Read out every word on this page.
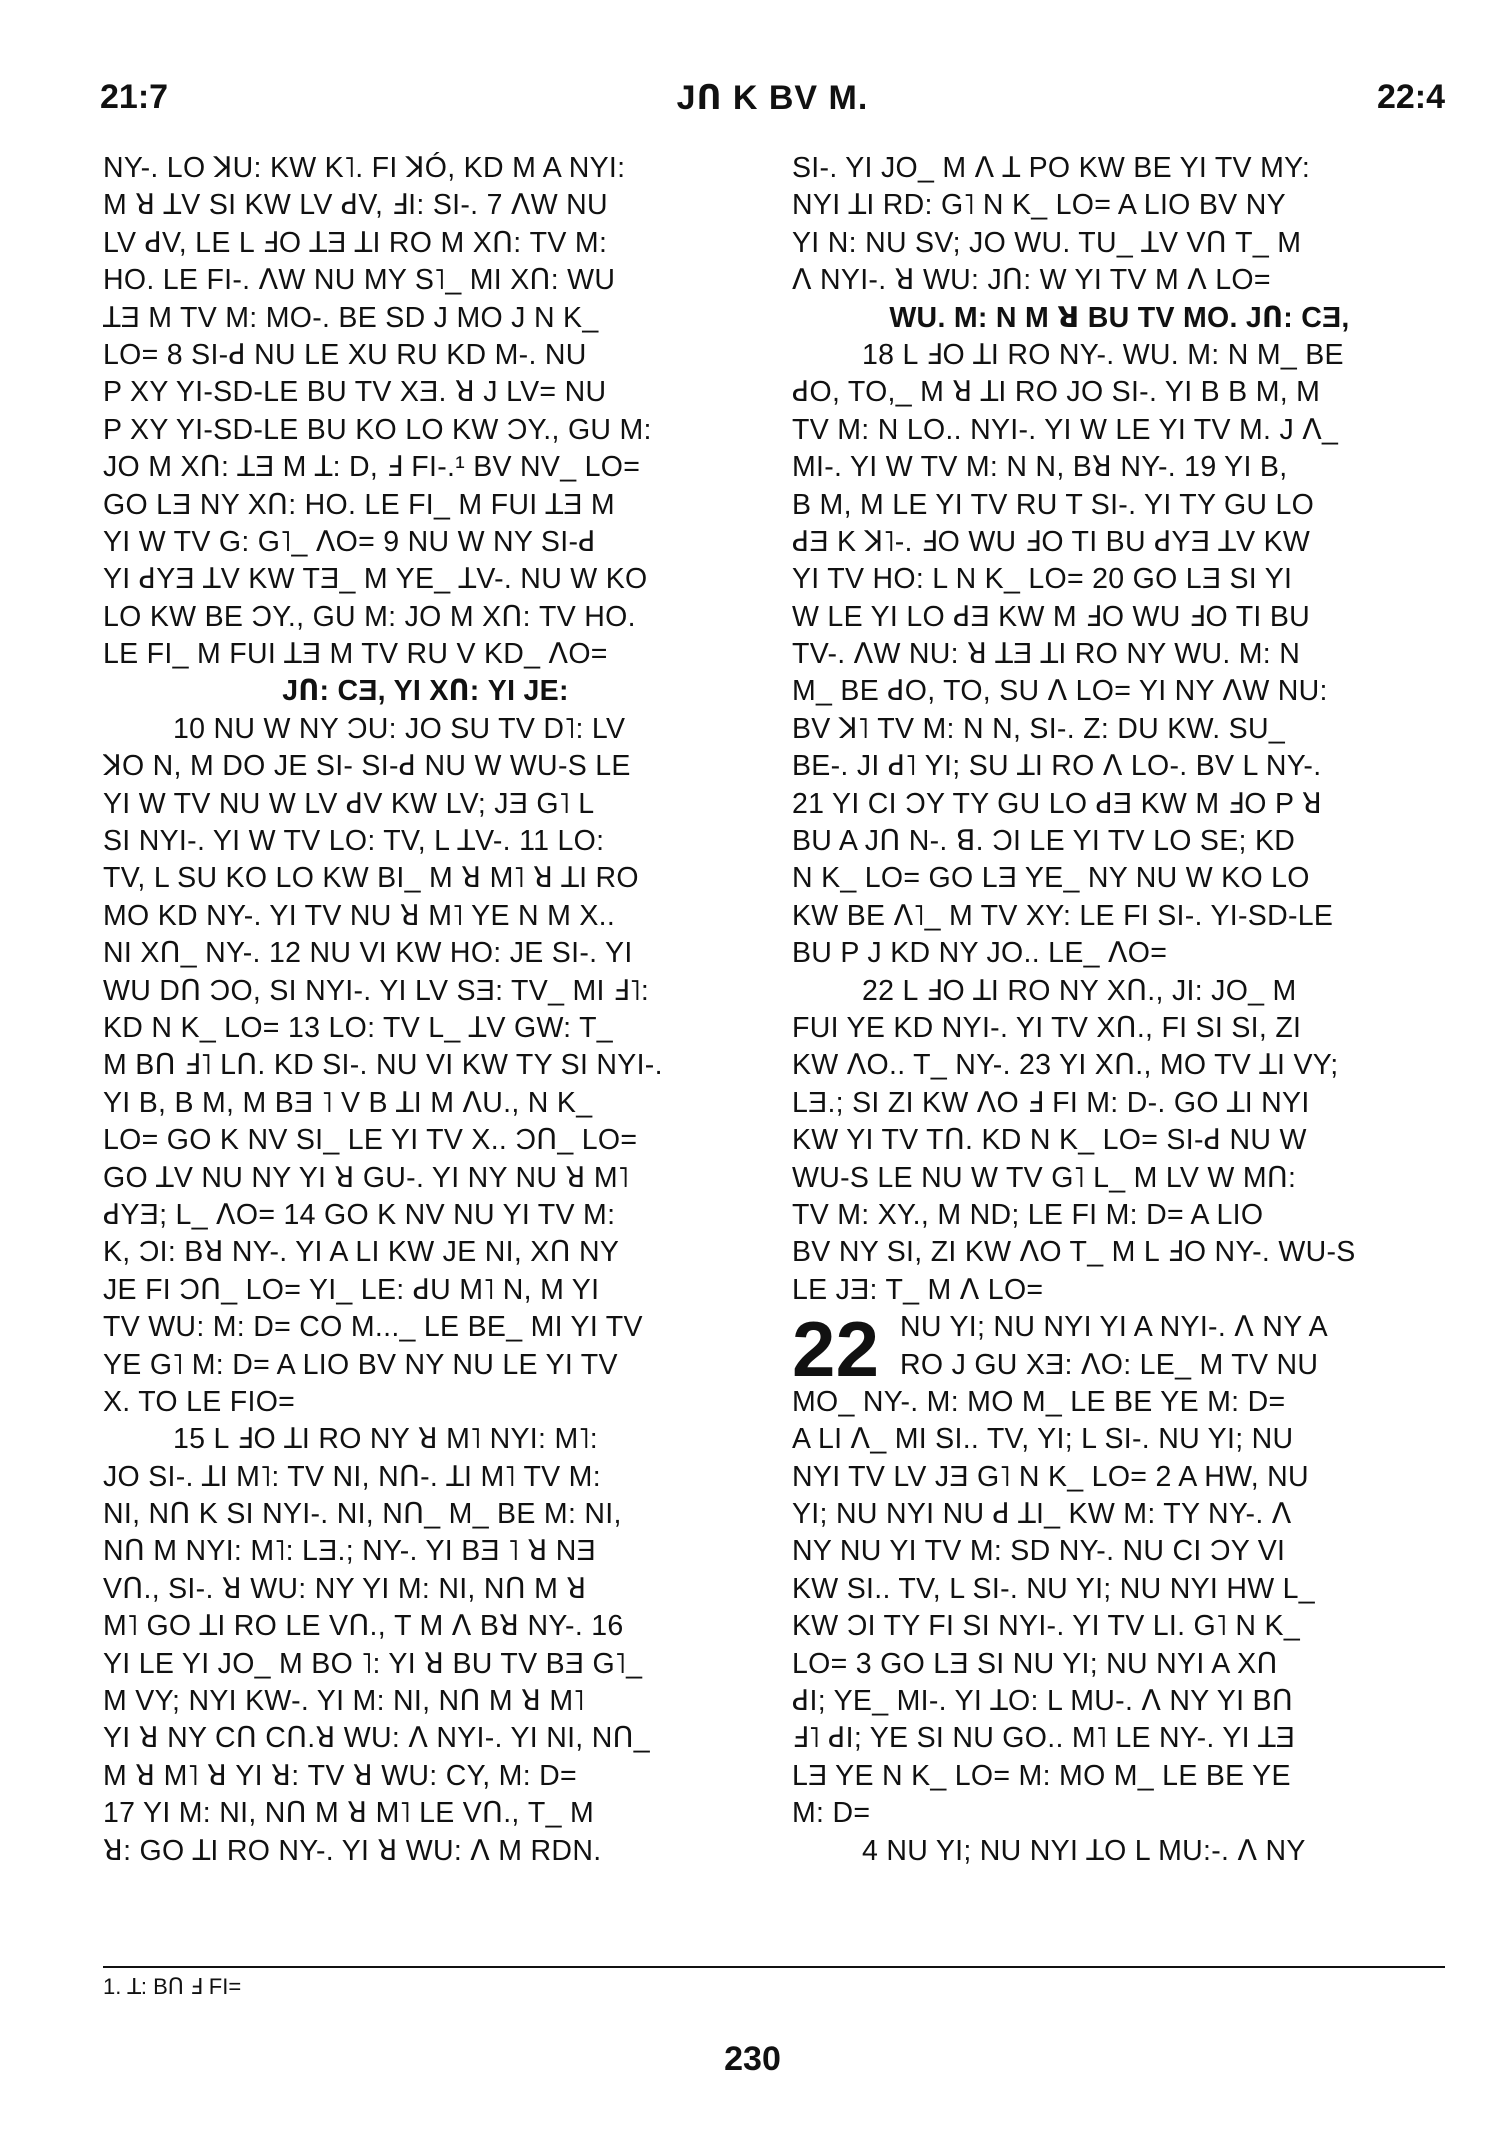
21:7	JՈ K BV M.	22:4
NY-. LO ꓘU: KW K˥. FI ꓘÓ, KD M A NYI:
M ꓤ ꓕV SI KW LV ꓒV, ꓞI: SI-. 7 ꓥW NU
LV ꓒV, LE L ꓞO ꓕƎ ꓕI RO M XՈ: TV M:
HO. LE FI-. ꓥW NU MY S˥_ MI XՈ: WU
ꓕƎ M TV M: MO-. BE SD J MO J N K_
LO= 8 SI-ꓒ NU LE XU RU KD M-. NU
P XY YI-SD-LE BU TV XƎ. ꓤ J LV= NU
P XY YI-SD-LE BU KO LO KW ƆY., GU M:
JO M XՈ: ꓕƎ M ꓕ: D, ꓞ FI-.¹ BV NV_ LO=
GO LƎ NY XՈ: HO. LE FI_ M FUI ꓕƎ M
YI W TV G: G˥_ ꓥO= 9 NU W NY SI-ꓒ
YI ꓒYƎ ꓕV KW TƎ_ M YE_ ꓕV-. NU W KO
LO KW BE ƆY., GU M: JO M XՈ: TV HO.
LE FI_ M FUI ꓕƎ M TV RU V KD_ ꓥO=
JՈ: CƎ, YI XՈ: YI JE:
10 NU W NY ƆU: JO SU TV D˥: LV
ꓘO N, M DO JE SI- SI-ꓒ NU W WU-S LE
YI W TV NU W LV ꓒV KW LV; JƎ G˥ L
SI NYI-. YI W TV LO: TV, L ꓕV-. 11 LO:
TV, L SU KO LO KW BI_ M ꓤ M˥ ꓤ ꓕI RO
MO KD NY-. YI TV NU ꓤ M˥ YE N M X..
NI XՈ_ NY-. 12 NU VI KW HO: JE SI-. YI
WU DՈ ƆO, SI NYI-. YI LV SƎ: TV_ MI ꓞ˥:
KD N K_ LO= 13 LO: TV L_ ꓕV GW: T_
M BՈ ꓞ˥ LՈ. KD SI-. NU VI KW TY SI NYI-.
YI B, B M, M BƎ ˥ V B ꓕI M ꓥU., N K_
LO= GO K NV SI_ LE YI TV X.. ƆՈ_ LO=
GO ꓕV NU NY YI ꓤ GU-. YI NY NU ꓤ M˥
ꓒYƎ; L_ ꓥO= 14 GO K NV NU YI TV M:
K, ƆI: Bꓤ NY-. YI A LI KW JE NI, XՈ NY
JE FI ƆՈ_ LO= YI_ LE: ꓒU M˥ N, M YI
TV WU: M: D= CO M..._ LE BE_ MI YI TV
YE G˥ M: D= A LIO BV NY NU LE YI TV
X. TO LE FIO=
15 L ꓞO ꓕI RO NY ꓤ M˥ NYI: M˥:
JO SI-. ꓕI M˥: TV NI, NՈ-. ꓕI M˥ TV M:
NI, NՈ K SI NYI-. NI, NՈ_ M_ BE M: NI,
NՈ M NYI: M˥: LƎ.; NY-. YI BƎ ˥ ꓤ NƎ
VՈ., SI-. ꓤ WU: NY YI M: NI, NՈ M ꓤ
M˥ GO ꓕI RO LE VՈ., T M ꓥ Bꓤ NY-. 16
YI LE YI JO_ M BO ˥: YI ꓤ BU TV BƎ G˥_
M VY; NYI KW-. YI M: NI, NՈ M ꓤ M˥
YI ꓤ NY CՈ CՈ.ꓤ WU: ꓥ NYI-. YI NI, NՈ_
M ꓤ M˥ ꓤ YI ꓤ: TV ꓤ WU: CY, M: D=
17 YI M: NI, NՈ M ꓤ M˥ LE VՈ., T_ M
ꓤ: GO ꓕI RO NY-. YI ꓤ WU: ꓥ M RDN.
SI-. YI JO_ M ꓥ ꓕ PO KW BE YI TV MY:
NYI ꓕI RD: G˥ N K_ LO= A LIO BV NY
YI N: NU SV; JO WU. TU_ ꓕV VՈ T_ M
ꓥ NYI-. ꓤ WU: JՈ: W YI TV M ꓥ LO=
WU. M: N M ꓤ BU TV MO. JՈ: CƎ,
18 L ꓞO ꓕI RO NY-. WU. M: N M_ BE
ꓒO, TO,_ M ꓤ ꓕI RO JO SI-. YI B B M, M
TV M: N LO.. NYI-. YI W LE YI TV M. J ꓥ_
MI-. YI W TV M: N N, Bꓤ NY-. 19 YI B,
B M, M LE YI TV RU T SI-. YI TY GU LO
ꓒƎ K ꓘ˥-. ꓞO WU ꓞO TI BU ꓒYƎ ꓕV KW
YI TV HO: L N K_ LO= 20 GO LƎ SI YI
W LE YI LO ꓒƎ KW M ꓞO WU ꓞO TI BU
TV-. ꓥW NU: ꓤ ꓕƎ ꓕI RO NY WU. M: N
M_ BE ꓒO, TO, SU ꓥ LO= YI NY ꓥW NU:
BV ꓘ˥ TV M: N N, SI-. Z: DU KW. SU_
BE-. JI ꓒ˥ YI; SU ꓕI RO ꓥ LO-. BV L NY-.
21 YI CI ƆY TY GU LO ꓒƎ KW M ꓞO P ꓤ
BU A JՈ N-. ꓭ. ƆI LE YI TV LO SE; KD
N K_ LO= GO LƎ YE_ NY NU W KO LO
KW BE ꓥ˥_ M TV XY: LE FI SI-. YI-SD-LE
BU P J KD NY JO.. LE_ ꓥO=
22 L ꓞO ꓕI RO NY XՈ., JI: JO_ M
FUI YE KD NYI-. YI TV XՈ., FI SI SI, ZI
KW ꓥO.. T_ NY-. 23 YI XՈ., MO TV ꓕI VY;
LƎ.; SI ZI KW ꓥO ꓞ FI M: D-. GO ꓕI NYI
KW YI TV TՈ. KD N K_ LO= SI-ꓒ NU W
WU-S LE NU W TV G˥ L_ M LV W MՈ:
TV M: XY., M ND; LE FI M: D= A LIO
BV NY SI, ZI KW ꓥO T_ M L ꓞO NY-. WU-S
LE JƎ: T_ M ꓥ LO=
22 NU YI; NU NYI YI A NYI-. ꓥ NY A
RO J GU XƎ: ꓥO: LE_ M TV NU
MO_ NY-. M: MO M_ LE BE YE M: D=
A LI ꓥ_ MI SI.. TV, YI; L SI-. NU YI; NU
NYI TV LV JƎ G˥ N K_ LO= 2 A HW, NU
YI; NU NYI NU ꓒ ꓕI_ KW M: TY NY-. ꓥ
NY NU YI TV M: SD NY-. NU CI ƆY VI
KW SI.. TV, L SI-. NU YI; NU NYI HW L_
KW ƆI TY FI SI NYI-. YI TV LI. G˥ N K_
LO= 3 GO LƎ SI NU YI; NU NYI A XՈ
ꓒI; YE_ MI-. YI ꓕO: L MU-. ꓥ NY YI BՈ
ꓞ˥ ꓒI; YE SI NU GO.. M˥ LE NY-. YI ꓕƎ
LƎ YE N K_ LO= M: MO M_ LE BE YE
M: D=
4 NU YI; NU NYI ꓕO L MU:-. ꓥ NY
1. ꓕ: BՈ ꓞ FI=
230
